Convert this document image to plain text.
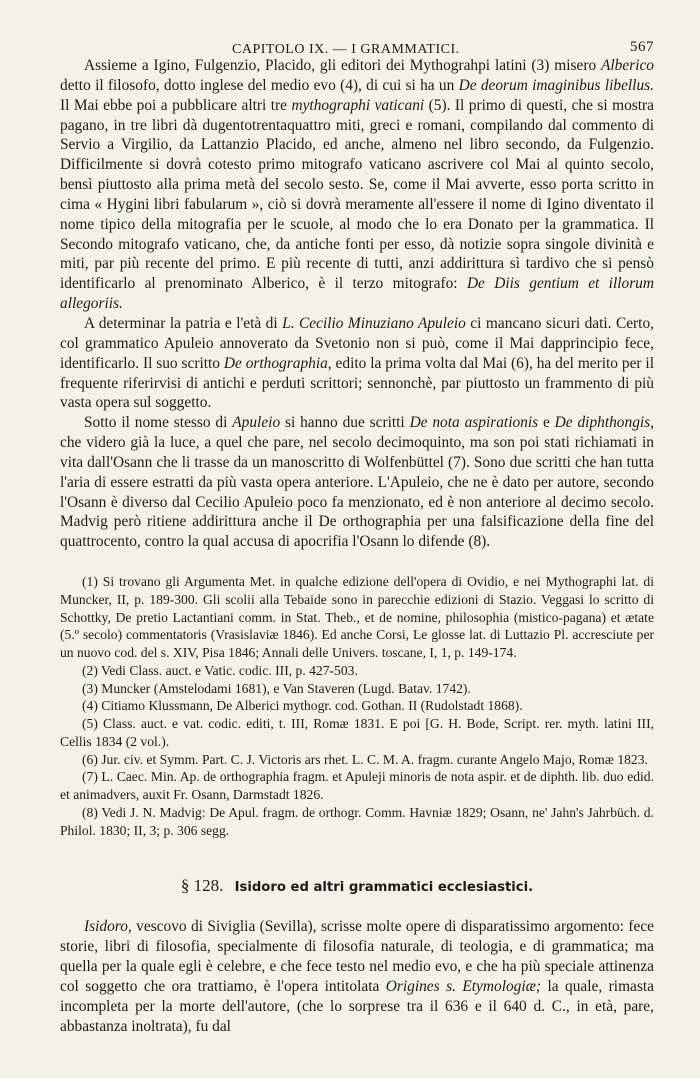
CAPITOLO IX. — I GRAMMATICI.	567

Assieme a Igino, Fulgenzio, Placido, gli editori dei Mythograhpi latini (3) misero Alberico detto il filosofo, dotto inglese del medio evo (4), di cui si ha un De deorum imaginibus libellus. Il Mai ebbe poi a pubblicare altri tre mythographi vaticani (5). Il primo di questi, che si mostra pagano, in tre libri dà dugentotrentaquattro miti, greci e romani, compilando dal commento di Servio a Virgilio, da Lattanzio Placido, ed anche, almeno nel libro secondo, da Fulgenzio. Difficilmente si dovrà cotesto primo mitografo vaticano ascrivere col Mai al quinto secolo, bensì piuttosto alla prima metà del secolo sesto. Se, come il Mai avverte, esso porta scritto in cima « Hygini libri fabularum », ciò si dovrà meramente all'essere il nome di Igino diventato il nome tipico della mitografia per le scuole, al modo che lo era Donato per la grammatica. Il Secondo mitografo vaticano, che, da antiche fonti per esso, dà notizie sopra singole divinità e miti, par più recente del primo. E più recente di tutti, anzi addirittura sì tardivo che si pensò identificarlo al prenominato Alberico, è il terzo mitografo: De Diis gentium et illorum allegoriis.

A determinar la patria e l'età di L. Cecilio Minuziano Apuleio ci mancano sicuri dati. Certo, col grammatico Apuleio annoverato da Svetonio non si può, come il Mai dapprincipio fece, identificarlo. Il suo scritto De orthographia, edito la prima volta dal Mai (6), ha del merito per il frequente riferirvisi di antichi e perduti scrittori; sennonchè, par piuttosto un frammento di più vasta opera sul soggetto.

Sotto il nome stesso di Apuleio si hanno due scritti De nota aspirationis e De diphthongis, che videro già la luce, a quel che pare, nel secolo decimoquinto, ma son poi stati richiamati in vita dall'Osann che li trasse da un manoscritto di Wolfenbüttel (7). Sono due scritti che han tutta l'aria di essere estratti da più vasta opera anteriore. L'Apuleio, che ne è dato per autore, secondo l'Osann è diverso dal Cecilio Apuleio poco fa menzionato, ed è non anteriore al decimo secolo. Madvig però ritiene addirittura anche il De orthographia per una falsificazione della fine del quattrocento, contro la qual accusa di apocrifia l'Osann lo difende (8).

(1) Si trovano gli Argumenta Met. in qualche edizione dell'opera di Ovidio, e nei Mythographi lat. di Muncker, II, p. 189-300. Gli scolii alla Tebaide sono in parecchie edizioni di Stazio. Veggasi lo scritto di Schottky, De pretio Lactantiani comm. in Stat. Theb., et de nomine, philosophia (mistico-pagana) et ætate (5.º secolo) commentatoris (Vrasislaviæ 1846). Ed anche Corsi, Le glosse lat. di Luttazio Pl. accresciute per un nuovo cod. del s. XIV, Pisa 1846; Annali delle Univers. toscane, I, 1, p. 149-174.

(2) Vedi Class. auct. e Vatic. codic. III, p. 427-503.

(3) Muncker (Amstelodami 1681), e Van Staveren (Lugd. Batav. 1742).

(4) Citiamo Klussmann, De Alberici mythogr. cod. Gothan. II (Rudolstadt 1868).

(5) Class. auct. e vat. codic. editi, t. III, Romæ 1831. E poi [G. H. Bode, Script. rer. myth. latini III, Cellis 1834 (2 vol.).

(6) Jur. civ. et Symm. Part. C. J. Victoris ars rhet. L. C. M. A. fragm. curante Angelo Majo, Romæ 1823.

(7) L. Caec. Min. Ap. de orthographia fragm. et Apuleji minoris de nota aspir. et de diphth. lib. duo edid. et animadvers, auxit Fr. Osann, Darmstadt 1826.

(8) Vedi J. N. Madvig: De Apul. fragm. de orthogr. Comm. Havniæ 1829; Osann, ne' Jahn's Jahrbüch. d. Philol. 1830; II, 3; p. 306 segg.

§ 128. Isidoro ed altri grammatici ecclesiastici.

Isidoro, vescovo di Siviglia (Sevilla), scrisse molte opere di disparatissimo argomento: fece storie, libri di filosofia, specialmente di filosofia naturale, di teologia, e di grammatica; ma quella per la quale egli è celebre, e che fece testo nel medio evo, e che ha più speciale attinenza col soggetto che ora trattiamo, è l'opera intitolata Origines s. Etymologiæ; la quale, rimasta incompleta per la morte dell'autore, (che lo sorprese tra il 636 e il 640 d. C., in età, pare, abbastanza inoltrata), fu dal
